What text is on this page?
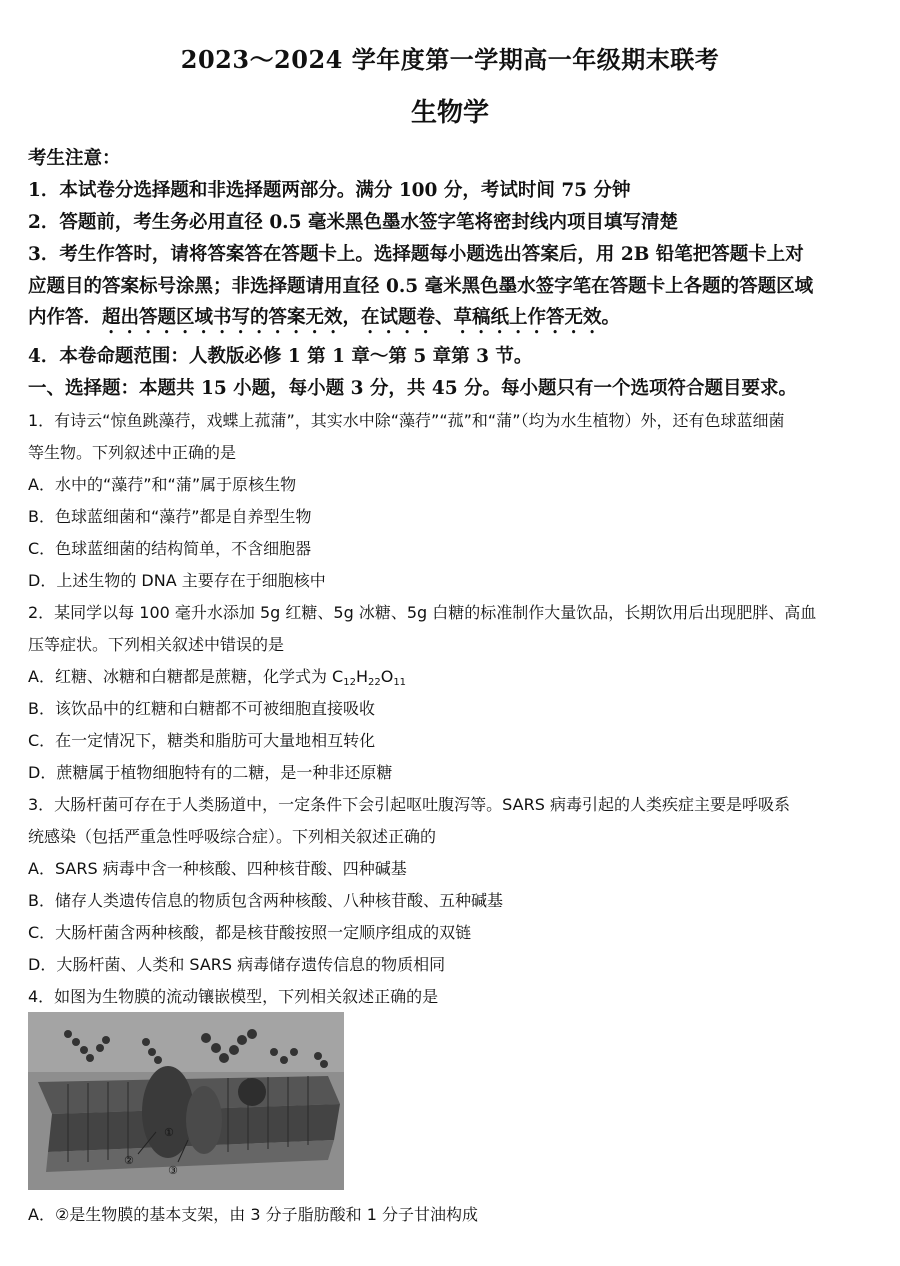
2023～2024 学年度第一学期高一年级期末联考
生物学
考生注意：
1．本试卷分选择题和非选择题两部分。满分 100 分，考试时间 75 分钟
2．答题前，考生务必用直径 0.5 毫米黑色墨水签字笔将密封线内项目填写清楚
3．考生作答时，请将答案答在答题卡上。选择题每小题选出答案后，用 2B 铅笔把答题卡上对
应题目的答案标号涂黑；非选择题请用直径 0.5 毫米黑色墨水签字笔在答题卡上各题的答题区域
内作答．超出答题区域书写的答案无效，在试题卷、草稿纸上作答无效。
4．本卷命题范围：人教版必修 1 第 1 章～第 5 章第 3 节。
一、选择题：本题共 15 小题，每小题 3 分，共 45 分。每小题只有一个选项符合题目要求。
1．有诗云“惊鱼跳藻荇，戏蝶上菰蒲”，其实水中除“藻荇”“菰”和“蒲”（均为水生植物）外，还有色球蓝细菌
等生物。下列叙述中正确的是
A．水中的“藻荇”和“蒲”属于原核生物
B．色球蓝细菌和“藻荇”都是自养型生物
C．色球蓝细菌的结构简单，不含细胞器
D．上述生物的 DNA 主要存在于细胞核中
2．某同学以每 100 毫升水添加 5g 红糖、5g 冰糖、5g 白糖的标准制作大量饮品，长期饮用后出现肥胖、高血
压等症状。下列相关叙述中错误的是
A．红糖、冰糖和白糖都是蔗糖，化学式为 $C_{12}H_{22}O_{11}$
B．该饮品中的红糖和白糖都不可被细胞直接吸收
C．在一定情况下，糖类和脂肪可大量地相互转化
D．蔗糖属于植物细胞特有的二糖，是一种非还原糖
3．大肠杆菌可存在于人类肠道中，一定条件下会引起呕吐腹泻等。SARS 病毒引起的人类疾症主要是呼吸系
统感染（包括严重急性呼吸综合症）。下列相关叙述正确的
A．SARS 病毒中含一种核酸、四种核苷酸、四种碱基
B．储存人类遗传信息的物质包含两种核酸、八种核苷酸、五种碱基
C．大肠杆菌含两种核酸，都是核苷酸按照一定顺序组成的双链
D．大肠杆菌、人类和 SARS 病毒储存遗传信息的物质相同
4．如图为生物膜的流动镶嵌模型，下列相关叙述正确的是
②
③
①
A．②是生物膜的基本支架，由 3 分子脂肪酸和 1 分子甘油构成
